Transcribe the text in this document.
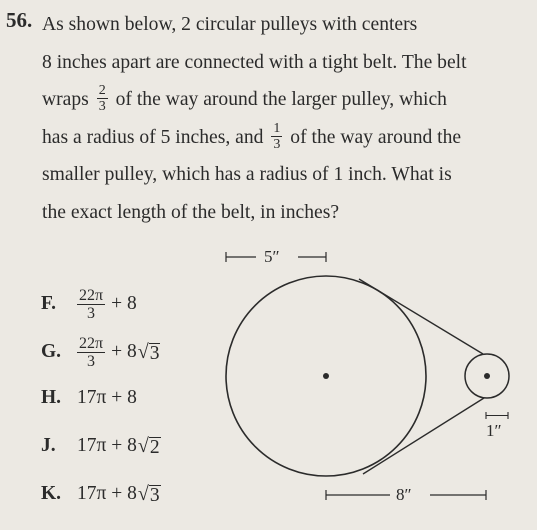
56. As shown below, 2 circular pulleys with centers
8 inches apart are connected with a tight belt. The belt
wraps $\frac{2}{3}$ of the way around the larger pulley, which
has a radius of 5 inches, and $\frac{1}{3}$ of the way around the
smaller pulley, which has a radius of 1 inch. What is
the exact length of the belt, in inches?
F.	$\frac{22\pi}{3} + 8$
G. $\frac{22\pi}{3} + 8$ √ 3
H. 17π + 8
J.	17π + 8 √ 2
K. 17π + 8 √ 3
5″
1″
8″
